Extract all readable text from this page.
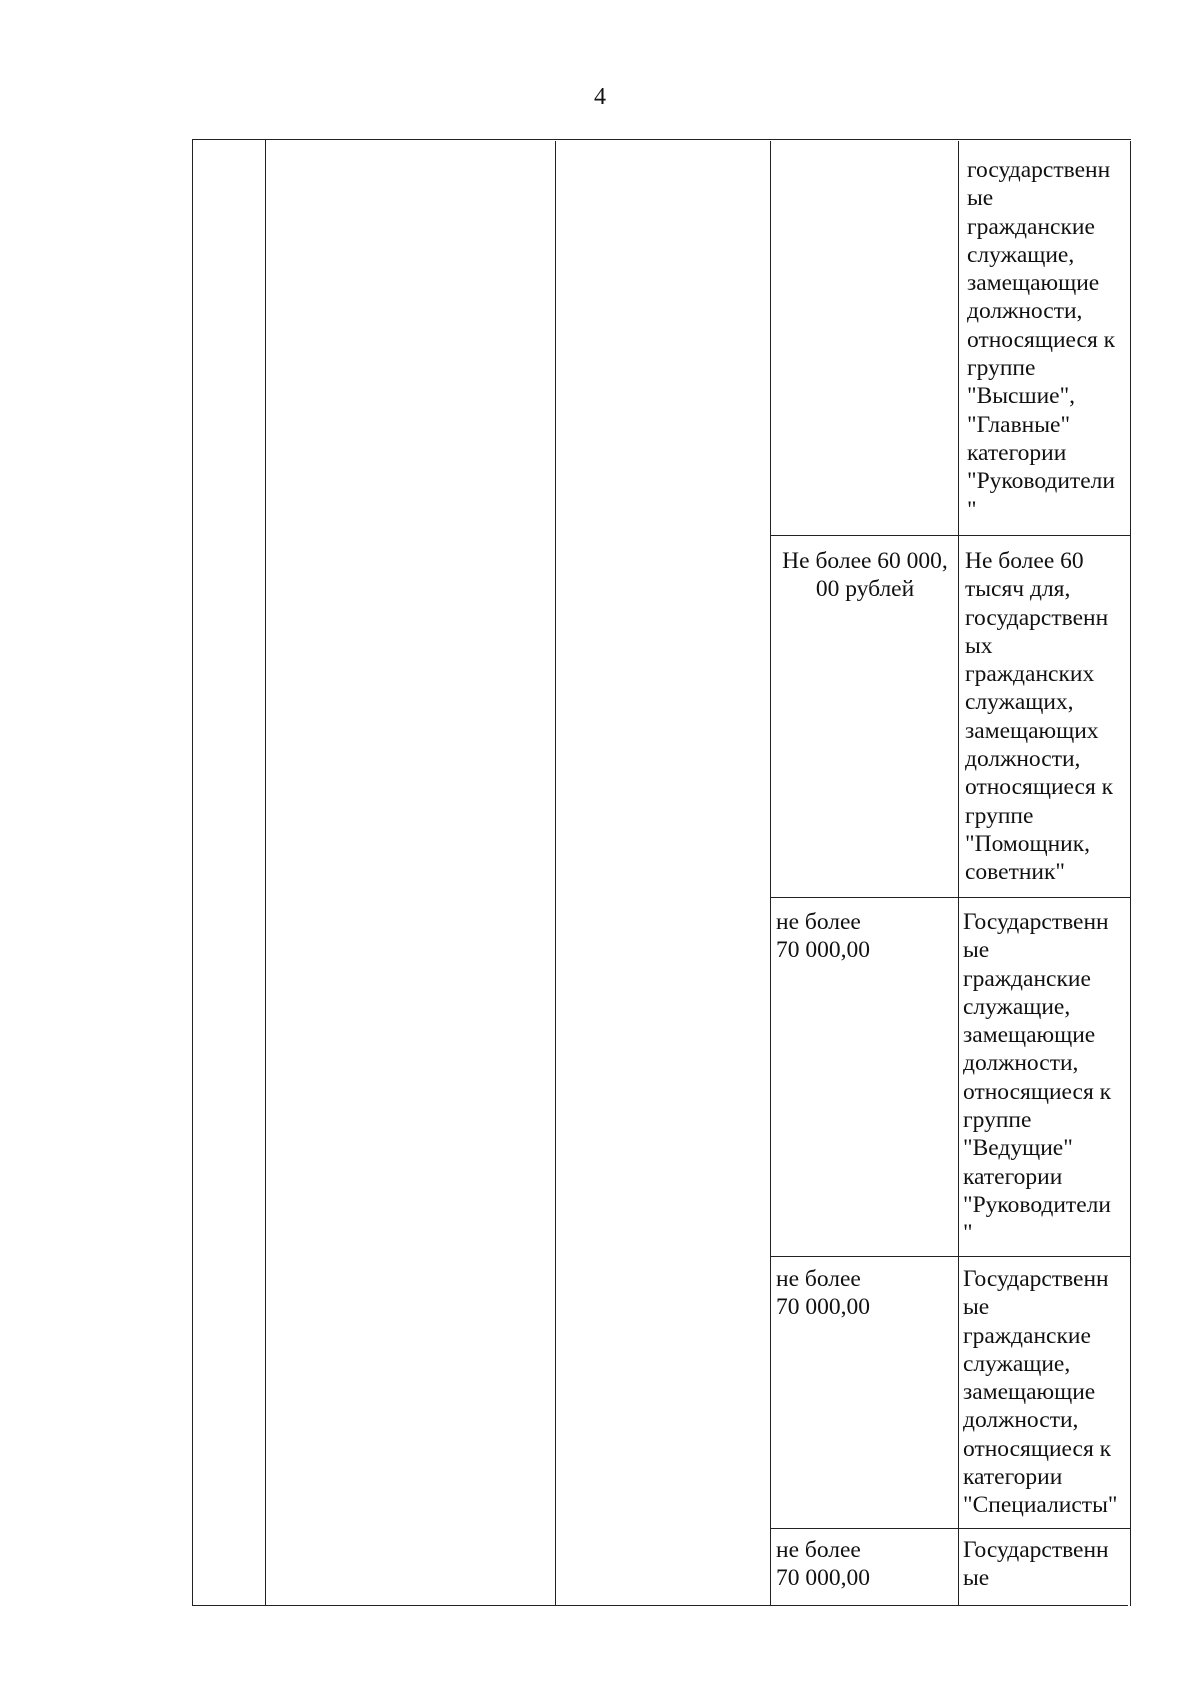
4
государственн
ые
гражданские
служащие,
замещающие
должности,
относящиеся к
группе
"Высшие",
"Главные"
категории
"Руководители
"
Не более 60 000,
00 рублей
Не более 60
тысяч для,
государственн
ых
гражданских
служащих,
замещающих
должности,
относящиеся к
группе
"Помощник,
советник"
не более
70 000,00
Государственн
ые
гражданские
служащие,
замещающие
должности,
относящиеся к
группе
"Ведущие"
категории
"Руководители
"
не более
70 000,00
Государственн
ые
гражданские
служащие,
замещающие
должности,
относящиеся к
категории
"Специалисты"
не более
70 000,00
Государственн
ые
